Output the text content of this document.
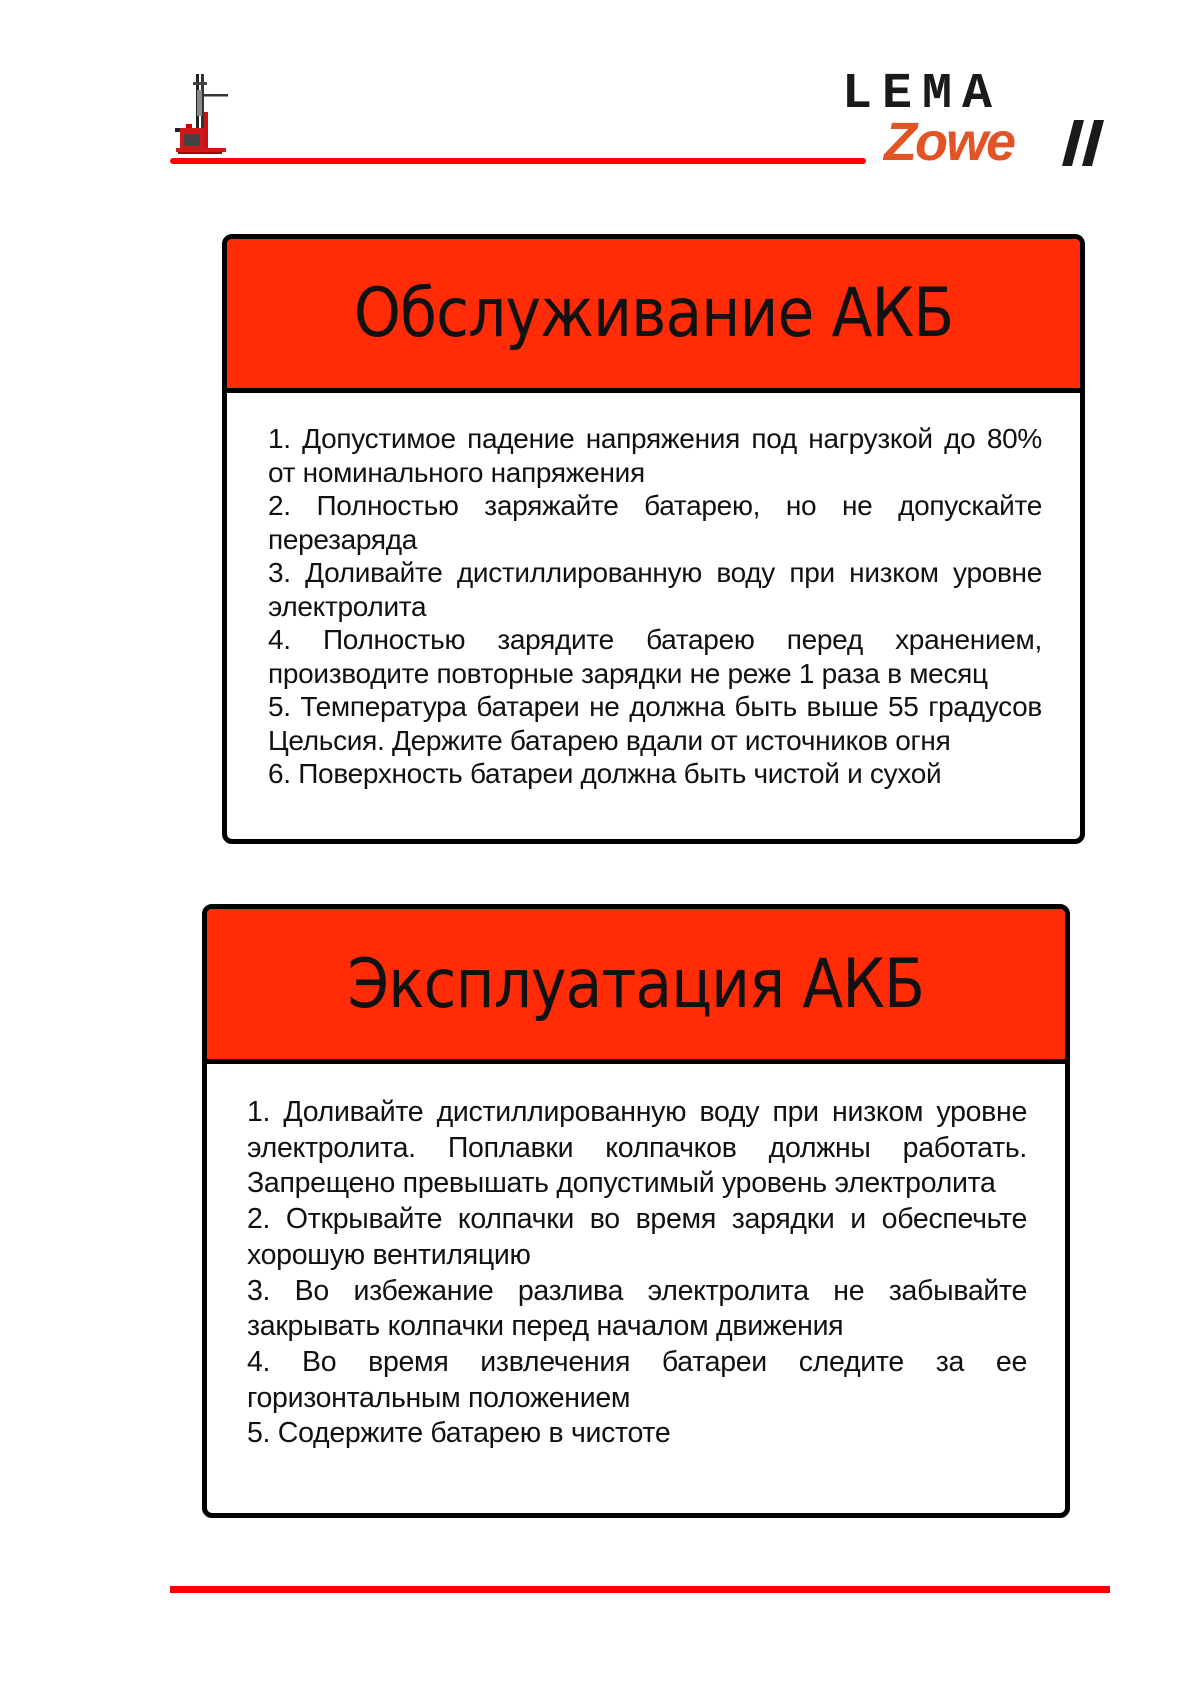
LEMA
Zowe
Обслуживание АКБ
1. Допустимое падение напряжения под нагрузкой до 80% от номинального напряжения
2. Полностью заряжайте батарею, но не допускайте перезаряда
3. Доливайте дистиллированную воду при низком уровне электролита
4. Полностью зарядите батарею перед хранением, производите повторные зарядки не реже 1 раза в месяц
5. Температура батареи не должна быть выше 55 градусов Цельсия. Держите батарею вдали от источников огня
6. Поверхность батареи должна быть чистой и сухой
Эксплуатация АКБ
1. Доливайте дистиллированную воду при низком уровне электролита. Поплавки колпачков должны работать. Запрещено превышать допустимый уровень электролита
2. Открывайте колпачки во время зарядки и обеспечьте хорошую вентиляцию
3. Во избежание разлива электролита не забывайте закрывать колпачки перед началом движения
4. Во время извлечения батареи следите за ее горизонтальным положением
5. Содержите батарею в чистоте
